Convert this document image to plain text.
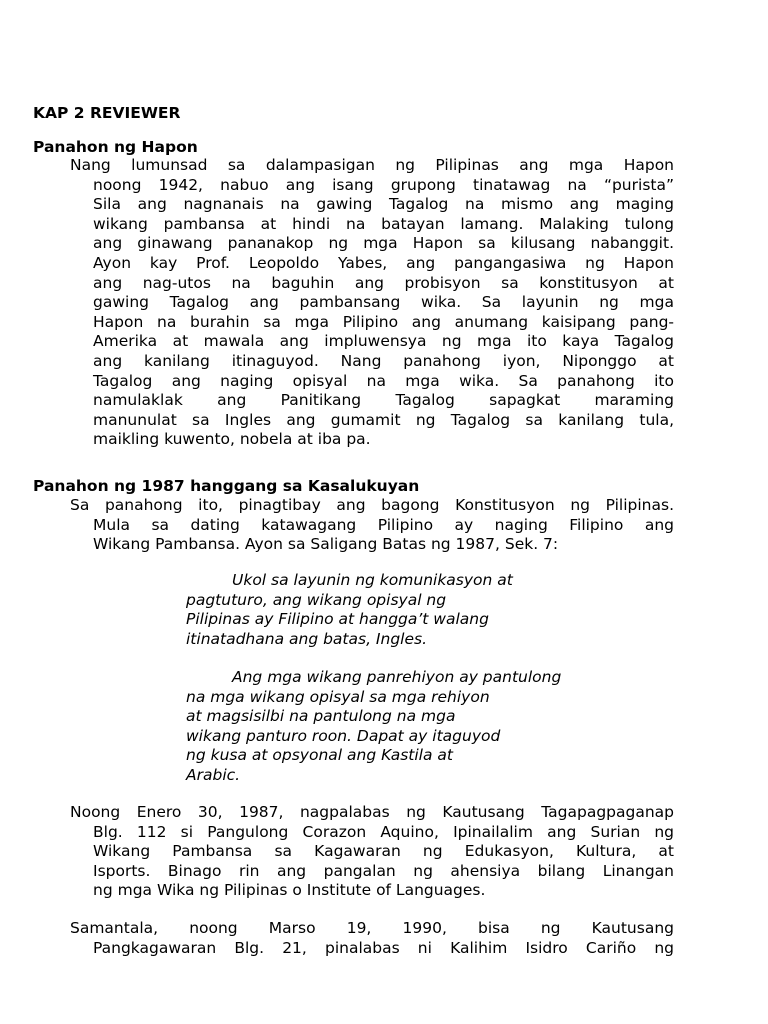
KAP 2 REVIEWER
Panahon ng Hapon
Nang lumunsad sa dalampasigan ng Pilipinas ang mga Hapon
noong 1942, nabuo ang isang grupong tinatawag na “purista”
Sila ang nagnanais na gawing Tagalog na mismo ang maging
wikang pambansa at hindi na batayan lamang. Malaking tulong
ang ginawang pananakop ng mga Hapon sa kilusang nabanggit.
Ayon kay Prof. Leopoldo Yabes, ang pangangasiwa ng Hapon
ang nag-utos na baguhin ang probisyon sa konstitusyon at
gawing Tagalog ang pambansang wika. Sa layunin ng mga
Hapon na burahin sa mga Pilipino ang anumang kaisipang pang-
Amerika at mawala ang impluwensya ng mga ito kaya Tagalog
ang kanilang itinaguyod. Nang panahong iyon, Niponggo at
Tagalog ang naging opisyal na mga wika. Sa panahong ito
namulaklak ang Panitikang Tagalog sapagkat maraming
manunulat sa Ingles ang gumamit ng Tagalog sa kanilang tula,
maikling kuwento, nobela at iba pa.
Panahon ng 1987 hanggang sa Kasalukuyan
Sa panahong ito, pinagtibay ang bagong Konstitusyon ng Pilipinas.
Mula sa dating katawagang Pilipino ay naging Filipino ang
Wikang Pambansa. Ayon sa Saligang Batas ng 1987, Sek. 7:
Ukol sa layunin ng komunikasyon at
pagtuturo, ang wikang opisyal ng
Pilipinas ay Filipino at hangga’t walang
itinatadhana ang batas, Ingles.
Ang mga wikang panrehiyon ay pantulong
na mga wikang opisyal sa mga rehiyon
at magsisilbi na pantulong na mga
wikang panturo roon. Dapat ay itaguyod
ng kusa at opsyonal ang Kastila at
Arabic.
Noong Enero 30, 1987, nagpalabas ng Kautusang Tagapagpaganap
Blg. 112 si Pangulong Corazon Aquino, Ipinailalim ang Surian ng
Wikang Pambansa sa Kagawaran ng Edukasyon, Kultura, at
Isports. Binago rin ang pangalan ng ahensiya bilang Linangan
ng mga Wika ng Pilipinas o Institute of Languages.
Samantala, noong Marso 19, 1990, bisa ng Kautusang
Pangkagawaran Blg. 21, pinalabas ni Kalihim Isidro Cariño ng
